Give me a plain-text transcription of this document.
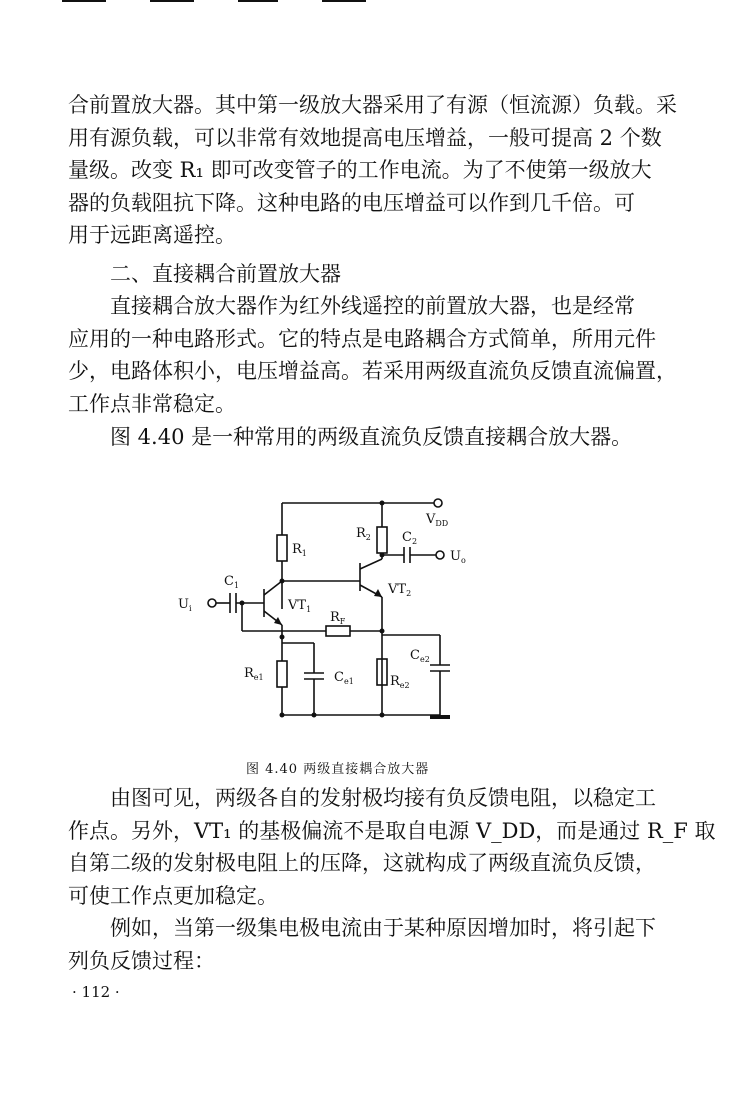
合前置放大器。其中第一级放大器采用了有源（恒流源）负载。采
用有源负载，可以非常有效地提高电压增益，一般可提高 2 个数
量级。改变 R₁ 即可改变管子的工作电流。为了不使第一级放大
器的负载阻抗下降。这种电路的电压增益可以作到几千倍。可
用于远距离遥控。
二、直接耦合前置放大器
直接耦合放大器作为红外线遥控的前置放大器，也是经常
应用的一种电路形式。它的特点是电路耦合方式简单，所用元件
少，电路体积小，电压增益高。若采用两级直流负反馈直流偏置，
工作点非常稳定。
图 4.40 是一种常用的两级直流负反馈直接耦合放大器。
$V_{DD}$
$R_1$
$R_2$ $C_2$
$U_o$
$C_1$
$U_i$	$VT_1$
$VT_2$
$R_F$
$R_{e1}$	$C_{e1}$	$R_{e2}$
$C_{e2}$
图 4.40 两级直接耦合放大器
由图可见，两级各自的发射极均接有负反馈电阻，以稳定工
作点。另外，VT₁ 的基极偏流不是取自电源 V_DD，而是通过 R_F 取
自第二级的发射极电阻上的压降，这就构成了两级直流负反馈，
可使工作点更加稳定。
例如，当第一级集电极电流由于某种原因增加时，将引起下
列负反馈过程：
· 112 ·
